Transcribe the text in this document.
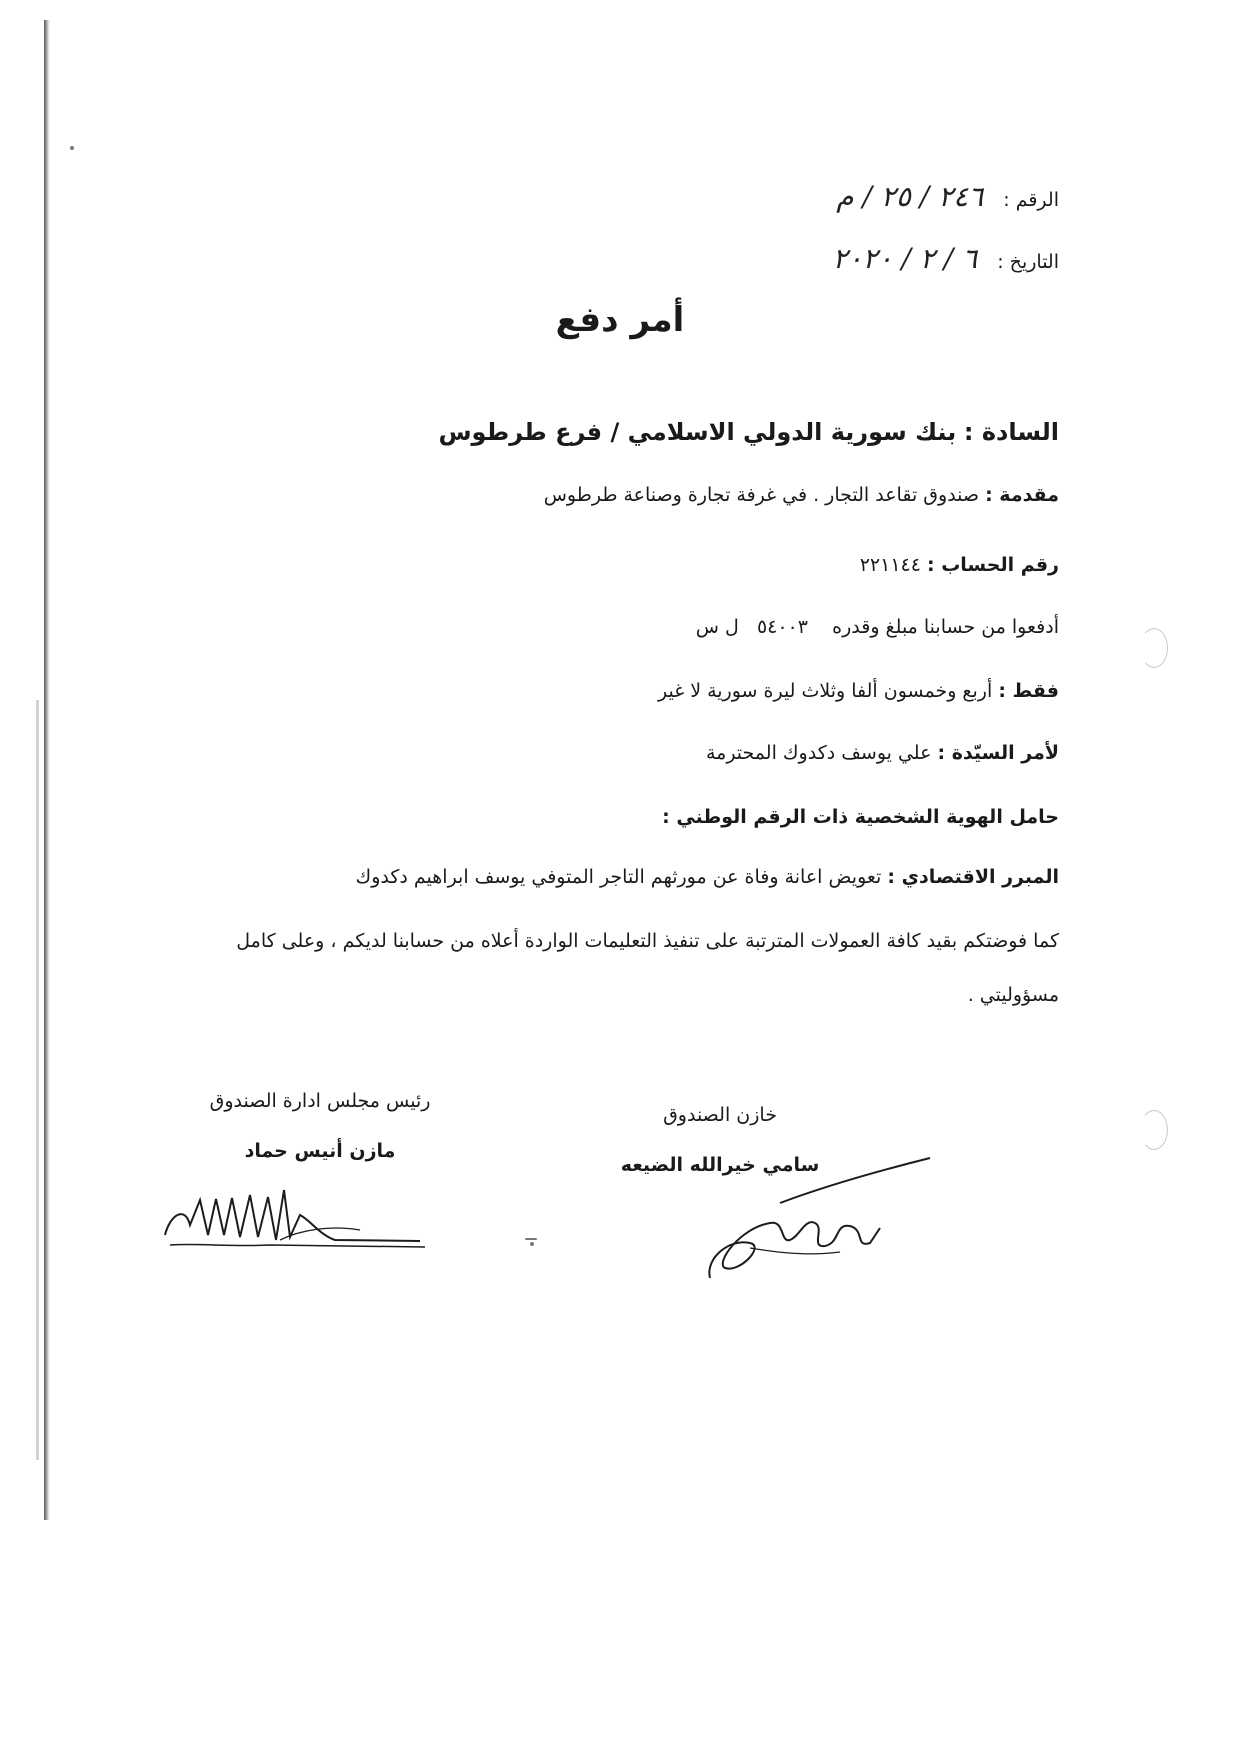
الرقم : ٢٤٦ / ٢٥ / م
التاريخ : ٦ / ٢ / ٢٠٢٠
أمر دفع
السادة : بنك سورية الدولي الاسلامي / فرع طرطوس
مقدمة : صندوق تقاعد التجار . في غرفة تجارة وصناعة طرطوس
رقم الحساب : ٢٢١١٤٤
أدفعوا من حسابنا مبلغ وقدره    ٥٤٠٠٣   ل س
فقط : أربع وخمسون ألفا وثلاث ليرة سورية لا غير
لأمر السيّدة : علي يوسف دكدوك المحترمة
حامل الهوية الشخصية ذات الرقم الوطني :
المبرر الاقتصادي : تعويض اعانة وفاة عن مورثهم التاجر المتوفي يوسف ابراهيم دكدوك
كما فوضتكم بقيد كافة العمولات المترتبة على تنفيذ التعليمات الواردة أعلاه من حسابنا لديكم ، وعلى كامل
مسؤوليتي .
خازن الصندوق
سامي خيرالله الضيعه
رئيس مجلس ادارة الصندوق
مازن أنيس حماد
